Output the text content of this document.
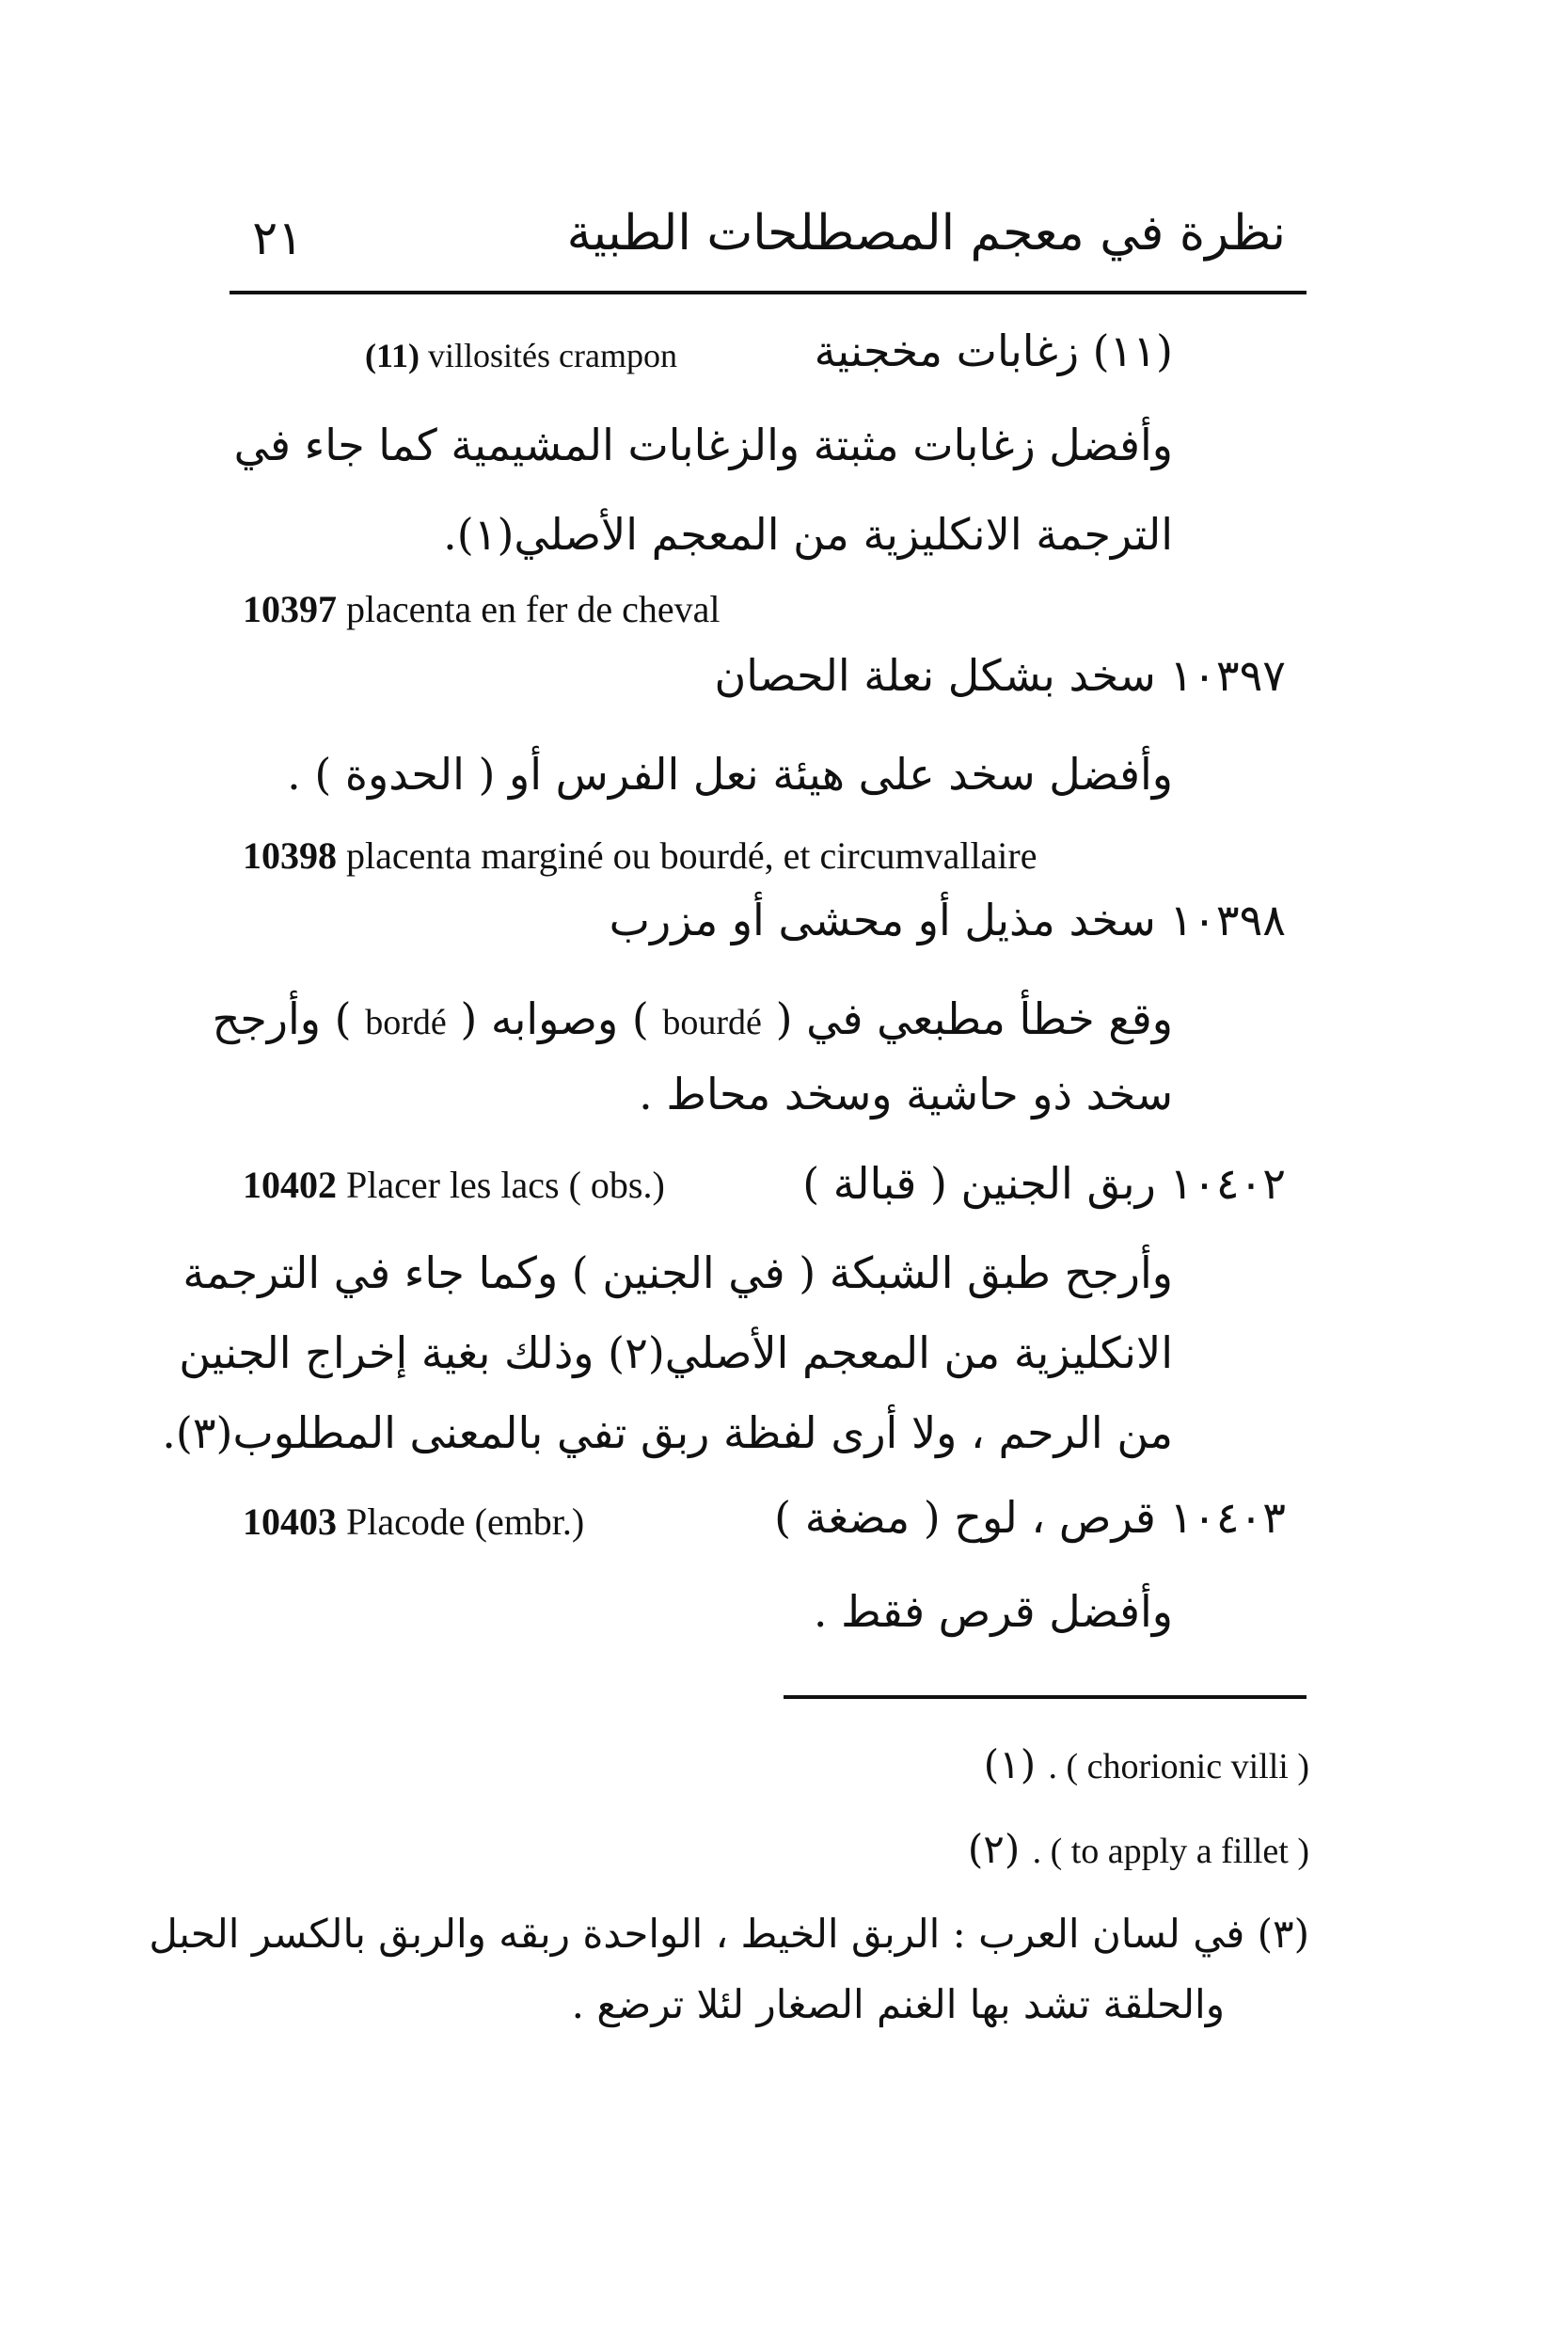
٢١	نظرة في معجم المصطلحات الطبية
(11) villosités crampon	(١١) زغابات مخجنية
وأفضل زغابات مثبتة والزغابات المشيمية كما جاء في
الترجمة الانكليزية من المعجم الأصلي(١).
10397 placenta en fer de cheval
١٠٣٩٧ سخد بشكل نعلة الحصان
وأفضل سخد على هيئة نعل الفرس أو ( الحدوة ) .
10398 placenta marginé ou bourdé, et circumvallaire
١٠٣٩٨ سخد مذيل أو محشى أو مزرب
وقع خطأ مطبعي في ( bourdé ) وصوابه ( bordé ) وأرجح
سخد ذو حاشية وسخد محاط .
10402 Placer les lacs ( obs.)	١٠٤٠٢ ربق الجنين ( قبالة )
وأرجح طبق الشبكة ( في الجنين ) وكما جاء في الترجمة
الانكليزية من المعجم الأصلي(٢) وذلك بغية إخراج الجنين
من الرحم ، ولا أرى لفظة ربق تفي بالمعنى المطلوب(٣).
10403 Placode (embr.)	١٠٤٠٣ قرص ، لوح ( مضغة )
وأفضل قرص فقط .
(١) . ( chorionic villi )
(٢) . ( to apply a fillet )
(٣) في لسان العرب : الربق الخيط ، الواحدة ربقه والربق بالكسر الحبل
والحلقة تشد بها الغنم الصغار لئلا ترضع .
